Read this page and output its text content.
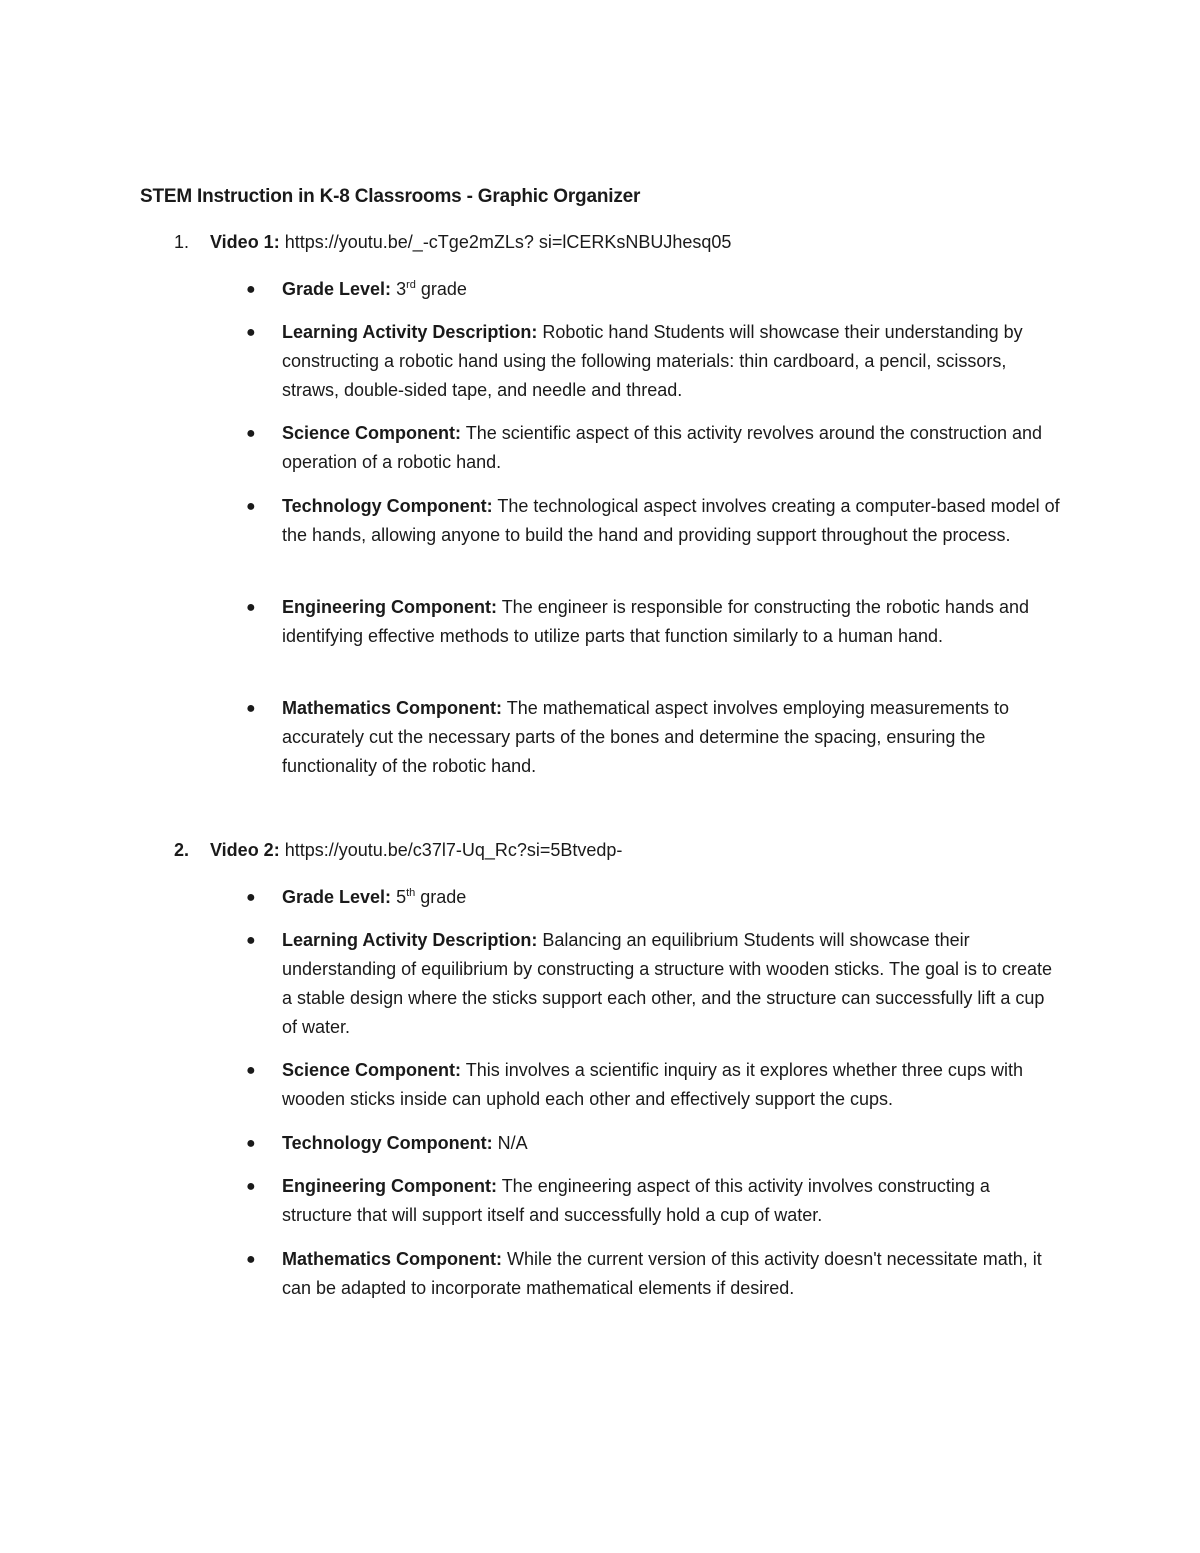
STEM Instruction in K-8 Classrooms - Graphic Organizer
1. Video 1: https://youtu.be/_-cTge2mZLs? si=lCERKsNBUJhesq05
● Grade Level: 3rd grade
● Learning Activity Description: Robotic hand Students will showcase their understanding by constructing a robotic hand using the following materials: thin cardboard, a pencil, scissors, straws, double-sided tape, and needle and thread.
● Science Component: The scientific aspect of this activity revolves around the construction and operation of a robotic hand.
● Technology Component: The technological aspect involves creating a computer-based model of the hands, allowing anyone to build the hand and providing support throughout the process.
● Engineering Component: The engineer is responsible for constructing the robotic hands and identifying effective methods to utilize parts that function similarly to a human hand.
● Mathematics Component: The mathematical aspect involves employing measurements to accurately cut the necessary parts of the bones and determine the spacing, ensuring the functionality of the robotic hand.
2. Video 2: https://youtu.be/c37l7-Uq_Rc?si=5Btvedp-
● Grade Level: 5th grade
● Learning Activity Description: Balancing an equilibrium Students will showcase their understanding of equilibrium by constructing a structure with wooden sticks. The goal is to create a stable design where the sticks support each other, and the structure can successfully lift a cup of water.
● Science Component: This involves a scientific inquiry as it explores whether three cups with wooden sticks inside can uphold each other and effectively support the cups.
● Technology Component: N/A
● Engineering Component: The engineering aspect of this activity involves constructing a structure that will support itself and successfully hold a cup of water.
● Mathematics Component: While the current version of this activity doesn't necessitate math, it can be adapted to incorporate mathematical elements if desired.
